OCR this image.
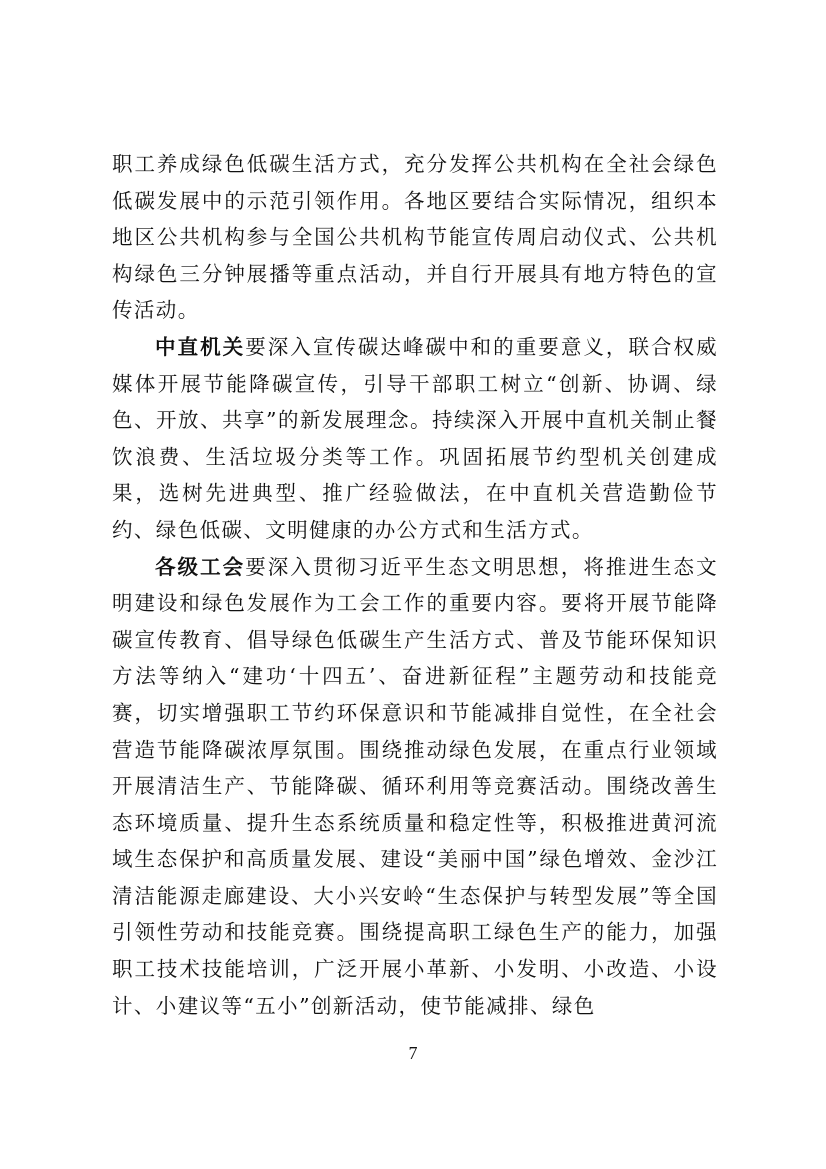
职工养成绿色低碳生活方式，充分发挥公共机构在全社会绿色低碳发展中的示范引领作用。各地区要结合实际情况，组织本地区公共机构参与全国公共机构节能宣传周启动仪式、公共机构绿色三分钟展播等重点活动，并自行开展具有地方特色的宣传活动。

中直机关要深入宣传碳达峰碳中和的重要意义，联合权威媒体开展节能降碳宣传，引导干部职工树立“创新、协调、绿色、开放、共享”的新发展理念。持续深入开展中直机关制止餐饮浪费、生活垃圾分类等工作。巩固拓展节约型机关创建成果，选树先进典型、推广经验做法，在中直机关营造勤俭节约、绿色低碳、文明健康的办公方式和生活方式。

各级工会要深入贯彻习近平生态文明思想，将推进生态文明建设和绿色发展作为工会工作的重要内容。要将开展节能降碳宣传教育、倡导绿色低碳生产生活方式、普及节能环保知识方法等纳入“建功‘十四五’、奋进新征程”主题劳动和技能竞赛，切实增强职工节约环保意识和节能减排自觉性，在全社会营造节能降碳浓厚氛围。围绕推动绿色发展，在重点行业领域开展清洁生产、节能降碳、循环利用等竞赛活动。围绕改善生态环境质量、提升生态系统质量和稳定性等，积极推进黄河流域生态保护和高质量发展、建设“美丽中国”绿色增效、金沙江清洁能源走廊建设、大小兴安岭“生态保护与转型发展”等全国引领性劳动和技能竞赛。围绕提高职工绿色生产的能力，加强职工技术技能培训，广泛开展小革新、小发明、小改造、小设计、小建议等“五小”创新活动，使节能减排、绿色

7
